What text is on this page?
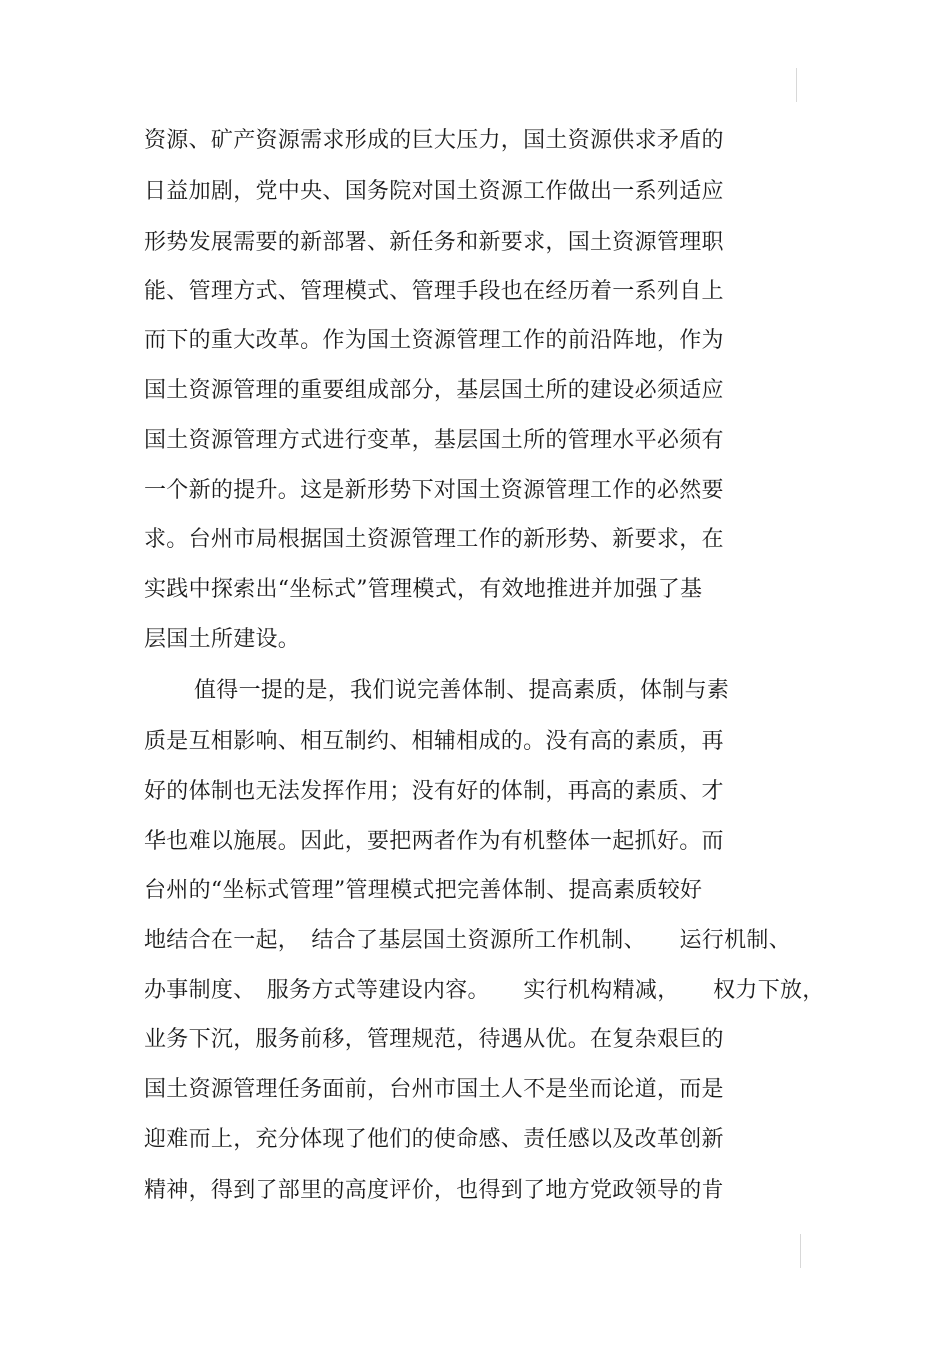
资源、矿产资源需求形成的巨大压力，国土资源供求矛盾的
日益加剧，党中央、国务院对国土资源工作做出一系列适应
形势发展需要的新部署、新任务和新要求，国土资源管理职
能、管理方式、管理模式、管理手段也在经历着一系列自上
而下的重大改革。作为国土资源管理工作的前沿阵地，作为
国土资源管理的重要组成部分，基层国土所的建设必须适应
国土资源管理方式进行变革，基层国土所的管理水平必须有
一个新的提升。这是新形势下对国土资源管理工作的必然要
求。台州市局根据国土资源管理工作的新形势、新要求，在
实践中探索出“坐标式”管理模式，有效地推进并加强了基
层国土所建设。
值得一提的是，我们说完善体制、提高素质，体制与素
质是互相影响、相互制约、相辅相成的。没有高的素质，再
好的体制也无法发挥作用；没有好的体制，再高的素质、才
华也难以施展。因此，要把两者作为有机整体一起抓好。而
台州的“坐标式管理”管理模式把完善体制、提高素质较好
地结合在一起，　结合了基层国土资源所工作机制、　　运行机制、
办事制度、　服务方式等建设内容。　　实行机构精减，　　权力下放，
业务下沉，服务前移，管理规范，待遇从优。在复杂艰巨的
国土资源管理任务面前，台州市国土人不是坐而论道，而是
迎难而上，充分体现了他们的使命感、责任感以及改革创新
精神，得到了部里的高度评价，也得到了地方党政领导的肯
